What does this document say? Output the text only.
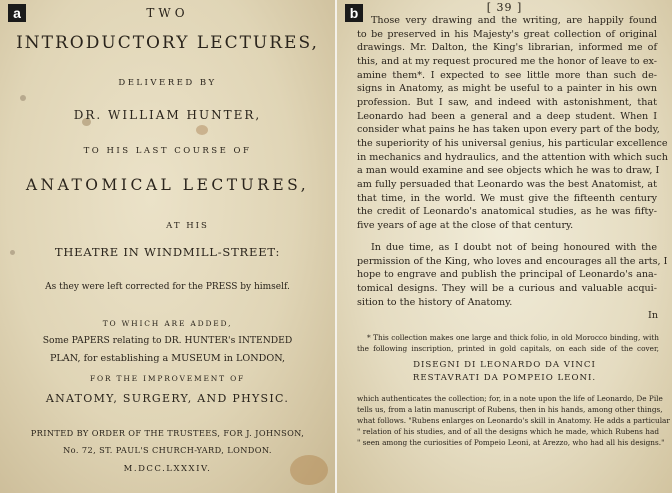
a	TWO
INTRODUCTORY LECTURES,
DELIVERED BY
DR. WILLIAM HUNTER,
TO HIS LAST COURSE OF
ANATOMICAL LECTURES,
AT HIS
THEATRE IN WINDMILL-STREET:
As they were left corrected for the PRESS by himself.
TO WHICH ARE ADDED,
Some PAPERS relating to DR. HUNTER's INTENDED
PLAN, for establishing a MUSEUM in LONDON,
FOR THE IMPROVEMENT OF
ANATOMY, SURGERY, AND PHYSIC.
PRINTED BY ORDER OF THE TRUSTEES, FOR J. JOHNSON,
No. 72, ST. PAUL'S CHURCH-YARD, LONDON.
M.DCC.LXXXIV.
b	[ 39 ]
Those very drawing and the writing, are happily found
to be preserved in his Majesty's great collection of original
drawings. Mr. Dalton, the King's librarian, informed me of
this, and at my request procured me the honor of leave to ex-
amine them*. I expected to see little more than such de-
signs in Anatomy, as might be useful to a painter in his own
profession. But I saw, and indeed with astonishment, that
Leonardo had been a general and a deep student. When I
consider what pains he has taken upon every part of the body,
the superiority of his universal genius, his particular excellence
in mechanics and hydraulics, and the attention with which such
a man would examine and see objects which he was to draw, I
am fully persuaded that Leonardo was the best Anatomist, at
that time, in the world. We must give the fifteenth century
the credit of Leonardo's anatomical studies, as he was fifty-
five years of age at the close of that century.
In due time, as I doubt not of being honoured with the
permission of the King, who loves and encourages all the arts, I
hope to engrave and publish the principal of Leonardo's ana-
tomical designs. They will be a curious and valuable acqui-
sition to the history of Anatomy.
In
* This collection makes one large and thick folio, in old Morocco binding, with
the following inscription, printed in gold capitals, on each side of the cover,
DISEGNI DI LEONARDO DA VINCI
RESTAVRATI DA POMPEIO LEONI.
which authenticates the collection; for, in a note upon the life of Leonardo, De Pile
tells us, from a latin manuscript of Rubens, then in his hands, among other things,
what follows. "Rubens enlarges on Leonardo's skill in Anatomy. He adds a particular
" relation of his studies, and of all the designs which he made, which Rubens had
" seen among the curiosities of Pompeio Leoni, at Arezzo, who had all his designs."
